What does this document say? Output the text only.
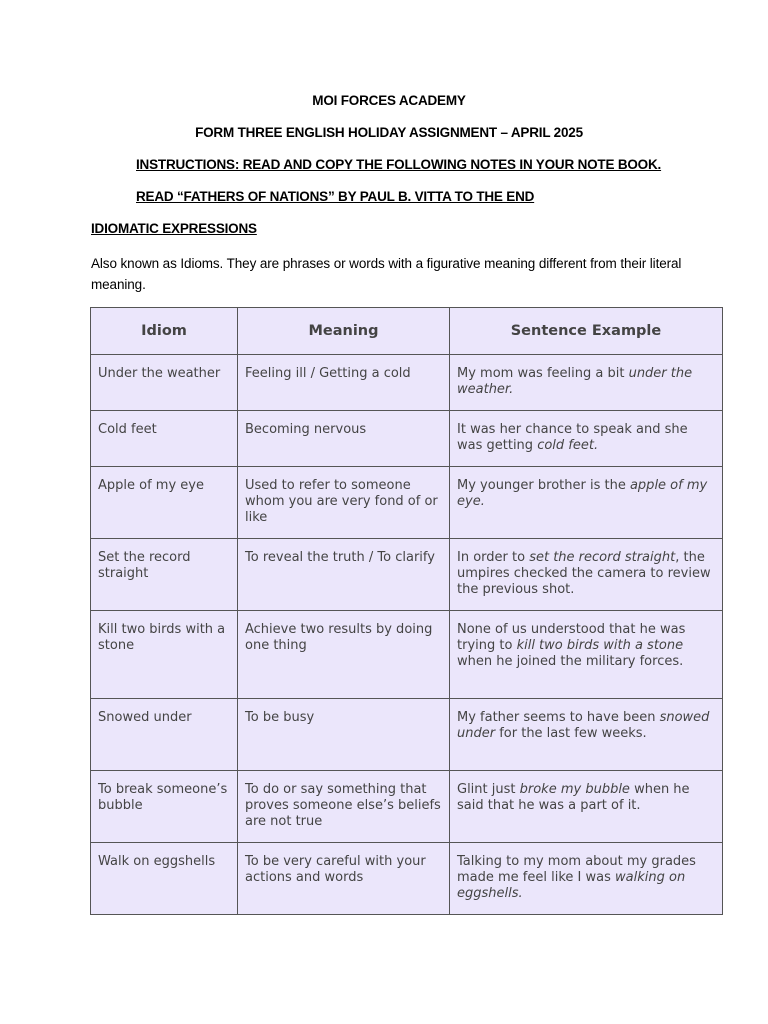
MOI FORCES ACADEMY
FORM THREE ENGLISH HOLIDAY ASSIGNMENT – APRIL 2025
INSTRUCTIONS: READ AND COPY THE FOLLOWING NOTES IN YOUR NOTE BOOK.
READ “FATHERS OF NATIONS” BY PAUL B. VITTA TO THE END
IDIOMATIC EXPRESSIONS
Also known as Idioms. They are phrases or words with a figurative meaning different from their literal meaning.
Idiom	Meaning	Sentence Example
Under the weather	Feeling ill / Getting a cold	My mom was feeling a bit under the weather.
Cold feet	Becoming nervous	It was her chance to speak and she was getting cold feet.
Apple of my eye	Used to refer to someone whom you are very fond of or like	My younger brother is the apple of my eye.
Set the record straight	To reveal the truth / To clarify	In order to set the record straight, the umpires checked the camera to review the previous shot.
Kill two birds with a stone	Achieve two results by doing one thing	None of us understood that he was trying to kill two birds with a stone when he joined the military forces.
Snowed under	To be busy	My father seems to have been snowed under for the last few weeks.
To break someone’s bubble	To do or say something that proves someone else’s beliefs are not true	Glint just broke my bubble when he said that he was a part of it.
Walk on eggshells	To be very careful with your actions and words	Talking to my mom about my grades made me feel like I was walking on eggshells.
